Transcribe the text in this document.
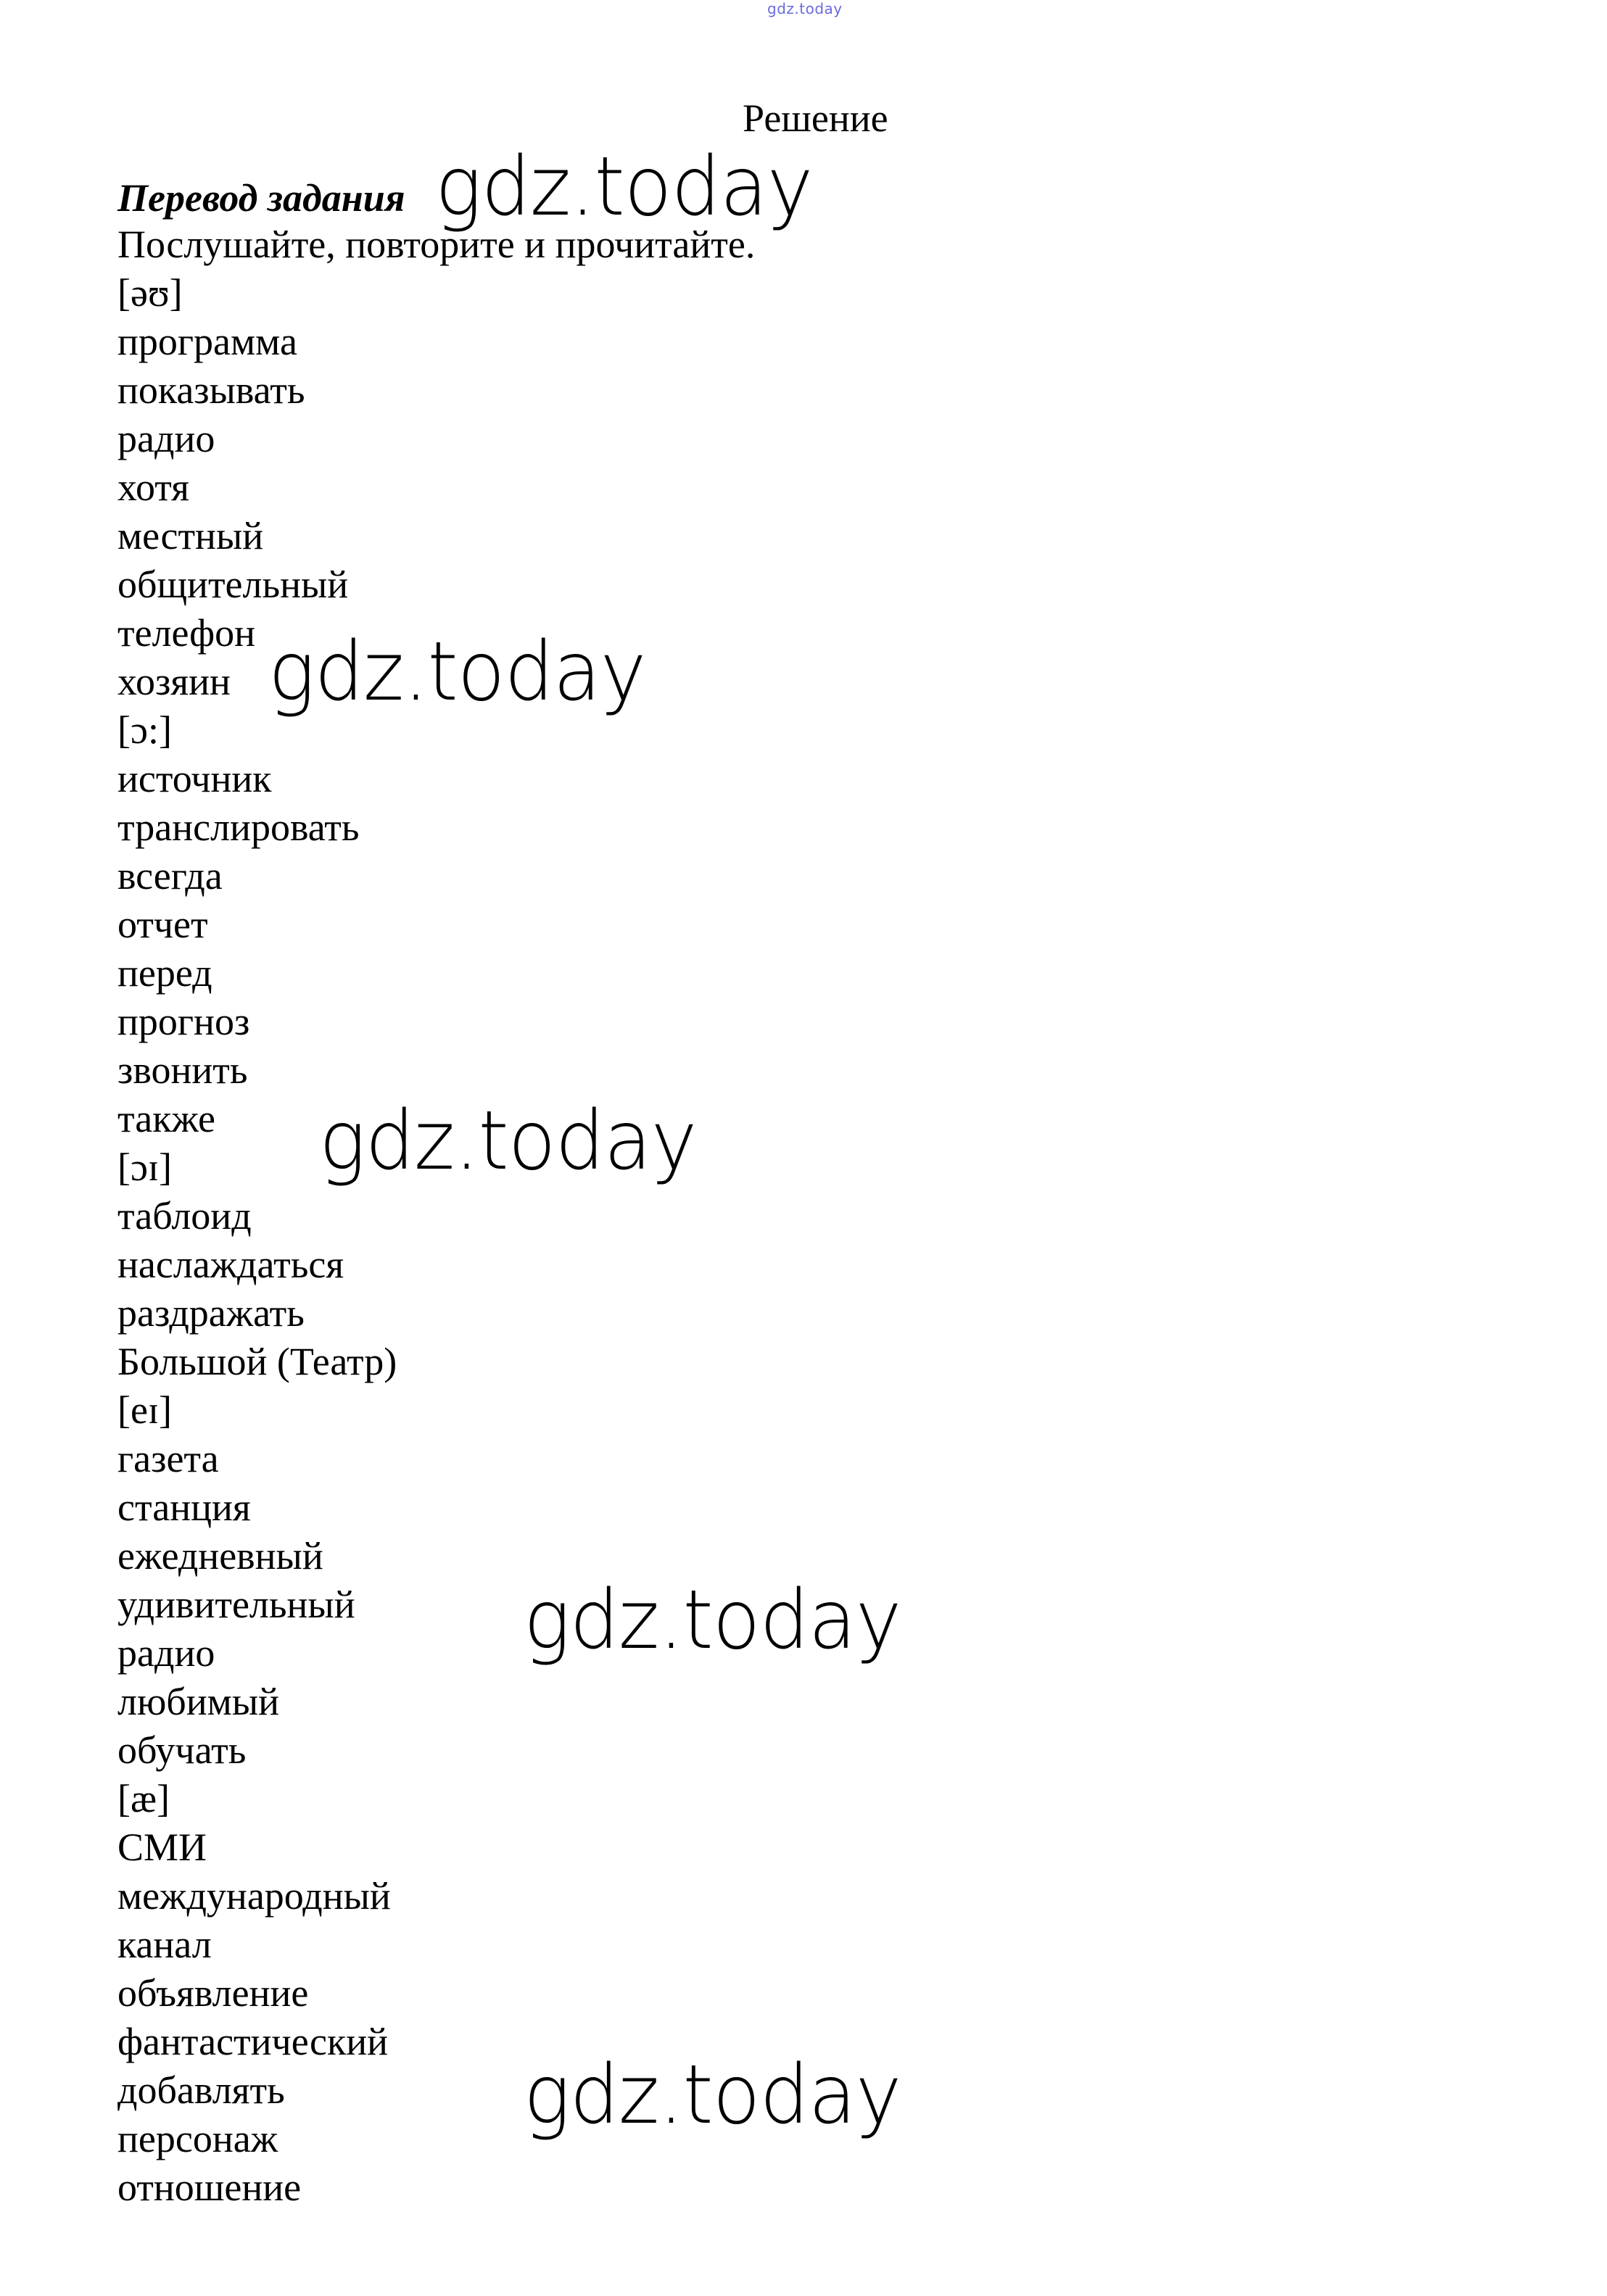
gdz.today
Решение
Перевод задания
Послушайте, повторите и прочитайте.
[əʊ]
программа
показывать
радио
хотя
местный
общительный
телефон
хозяин
[ɔ:]
источник
транслировать
всегда
отчет
перед
прогноз
звонить
также
[ɔɪ]
таблоид
наслаждаться
раздражать
Большой (Театр)
[eɪ]
газета
станция
ежедневный
удивительный
радио
любимый
обучать
[æ]
СМИ
международный
канал
объявление
фантастический
добавлять
персонаж
отношение
gdz.today
gdz.today
gdz.today
gdz.today
gdz.today
